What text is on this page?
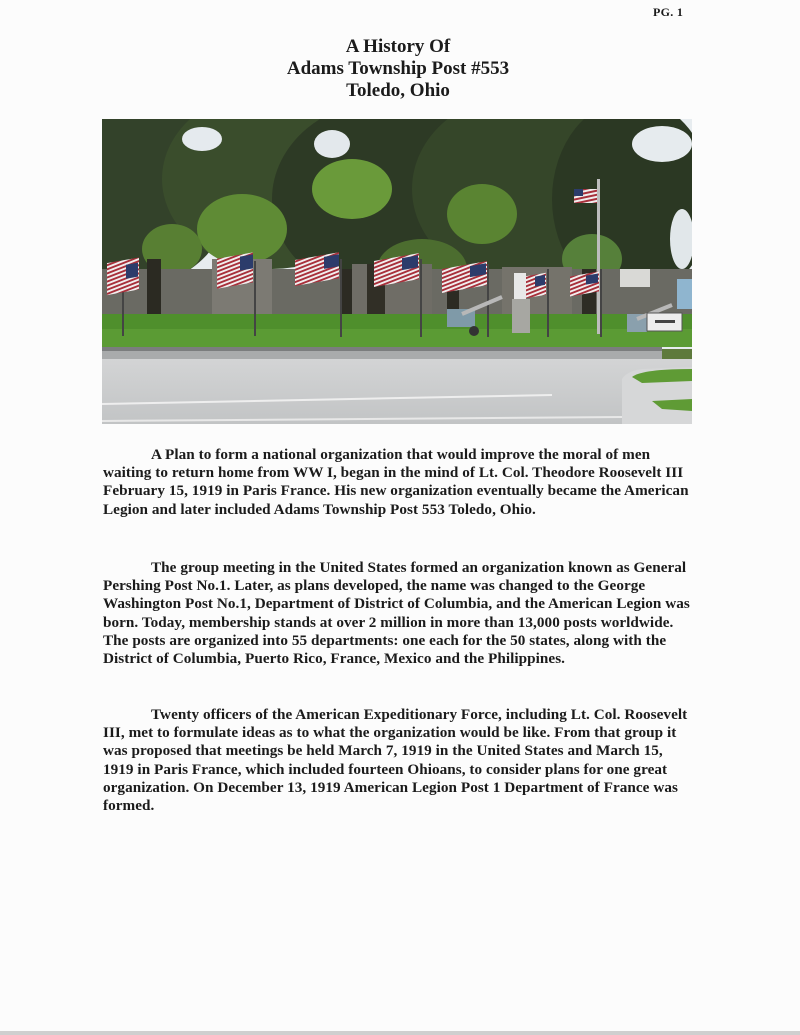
PG. 1
A History Of
Adams Township Post #553
Toledo, Ohio

A Plan to form a national organization that would improve the moral of men waiting to return home from WW I, began in the mind of Lt. Col. Theodore Roosevelt III February 15, 1919 in Paris France. His new organization eventually became the American Legion and later included Adams Township Post 553 Toledo, Ohio.

The group meeting in the United States formed an organization known as General Pershing Post No.1. Later, as plans developed, the name was changed to the George Washington Post No.1, Department of District of Columbia, and the American Legion was born. Today, membership stands at over 2 million in more than 13,000 posts worldwide. The posts are organized into 55 departments: one each for the 50 states, along with the District of Columbia, Puerto Rico, France, Mexico and the Philippines.

Twenty officers of the American Expeditionary Force, including Lt. Col. Roosevelt III, met to formulate ideas as to what the organization would be like. From that group it was proposed that meetings be held March 7, 1919 in the United States and March 15, 1919 in Paris France, which included fourteen Ohioans, to consider plans for one great organization. On December 13, 1919 American Legion Post 1 Department of France was formed.
